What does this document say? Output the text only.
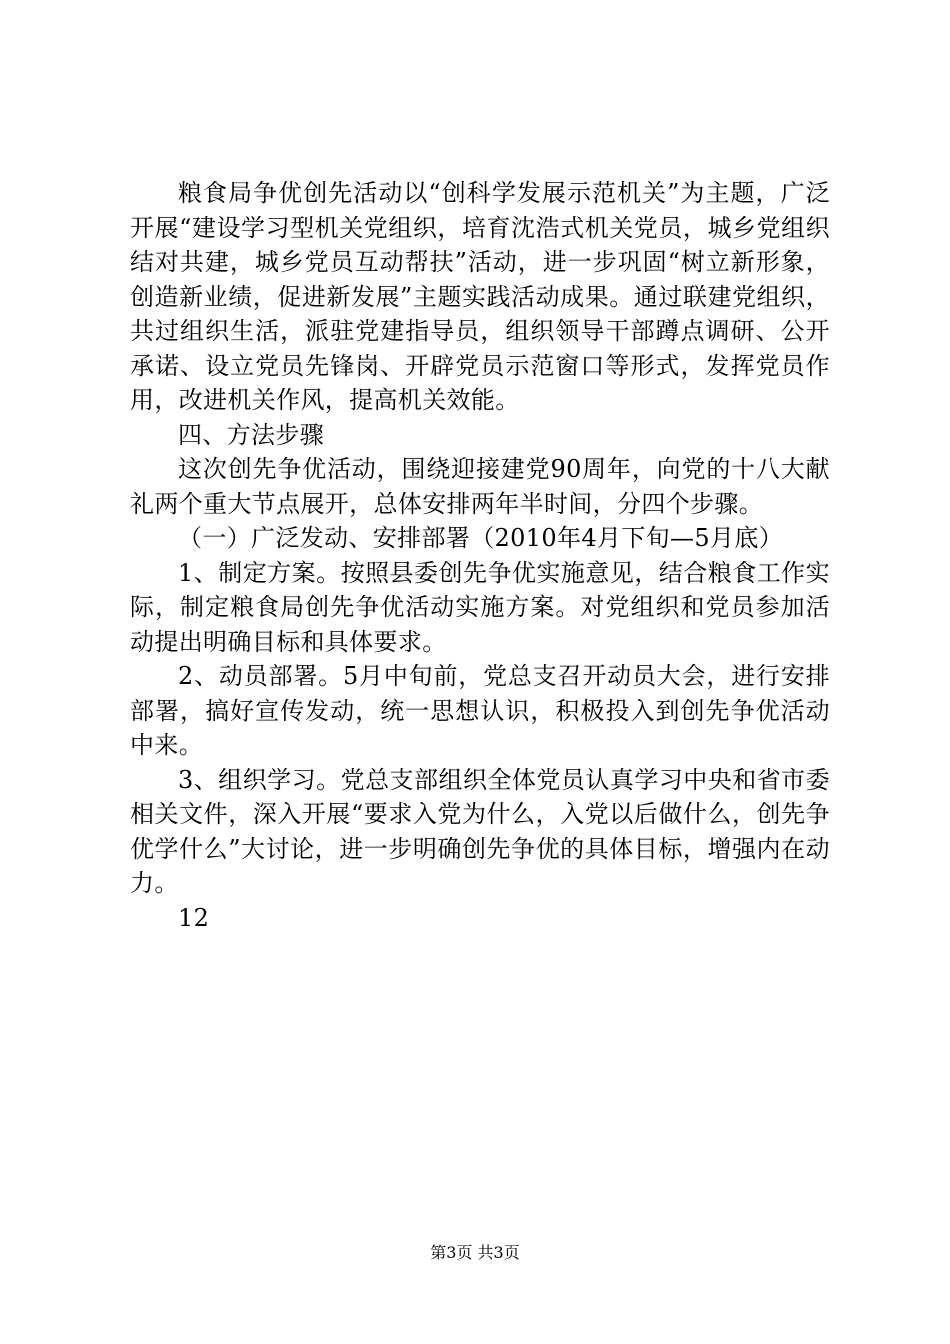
粮食局争优创先活动以“创科学发展示范机关”为主题，广泛开展“建设学习型机关党组织，培育沈浩式机关党员，城乡党组织结对共建，城乡党员互动帮扶”活动，进一步巩固“树立新形象，创造新业绩，促进新发展”主题实践活动成果。通过联建党组织，共过组织生活，派驻党建指导员，组织领导干部蹲点调研、公开承诺、设立党员先锋岗、开辟党员示范窗口等形式，发挥党员作用，改进机关作风，提高机关效能。

四、方法步骤

这次创先争优活动，围绕迎接建党90周年，向党的十八大献礼两个重大节点展开，总体安排两年半时间，分四个步骤。

（一）广泛发动、安排部署（2010年4月下旬—5月底）

1、制定方案。按照县委创先争优实施意见，结合粮食工作实际，制定粮食局创先争优活动实施方案。对党组织和党员参加活动提出明确目标和具体要求。

2、动员部署。5月中旬前，党总支召开动员大会，进行安排部署，搞好宣传发动，统一思想认识，积极投入到创先争优活动中来。

3、组织学习。党总支部组织全体党员认真学习中央和省市委相关文件，深入开展“要求入党为什么，入党以后做什么，创先争优学什么”大讨论，进一步明确创先争优的具体目标，增强内在动力。

12

第3页 共3页
